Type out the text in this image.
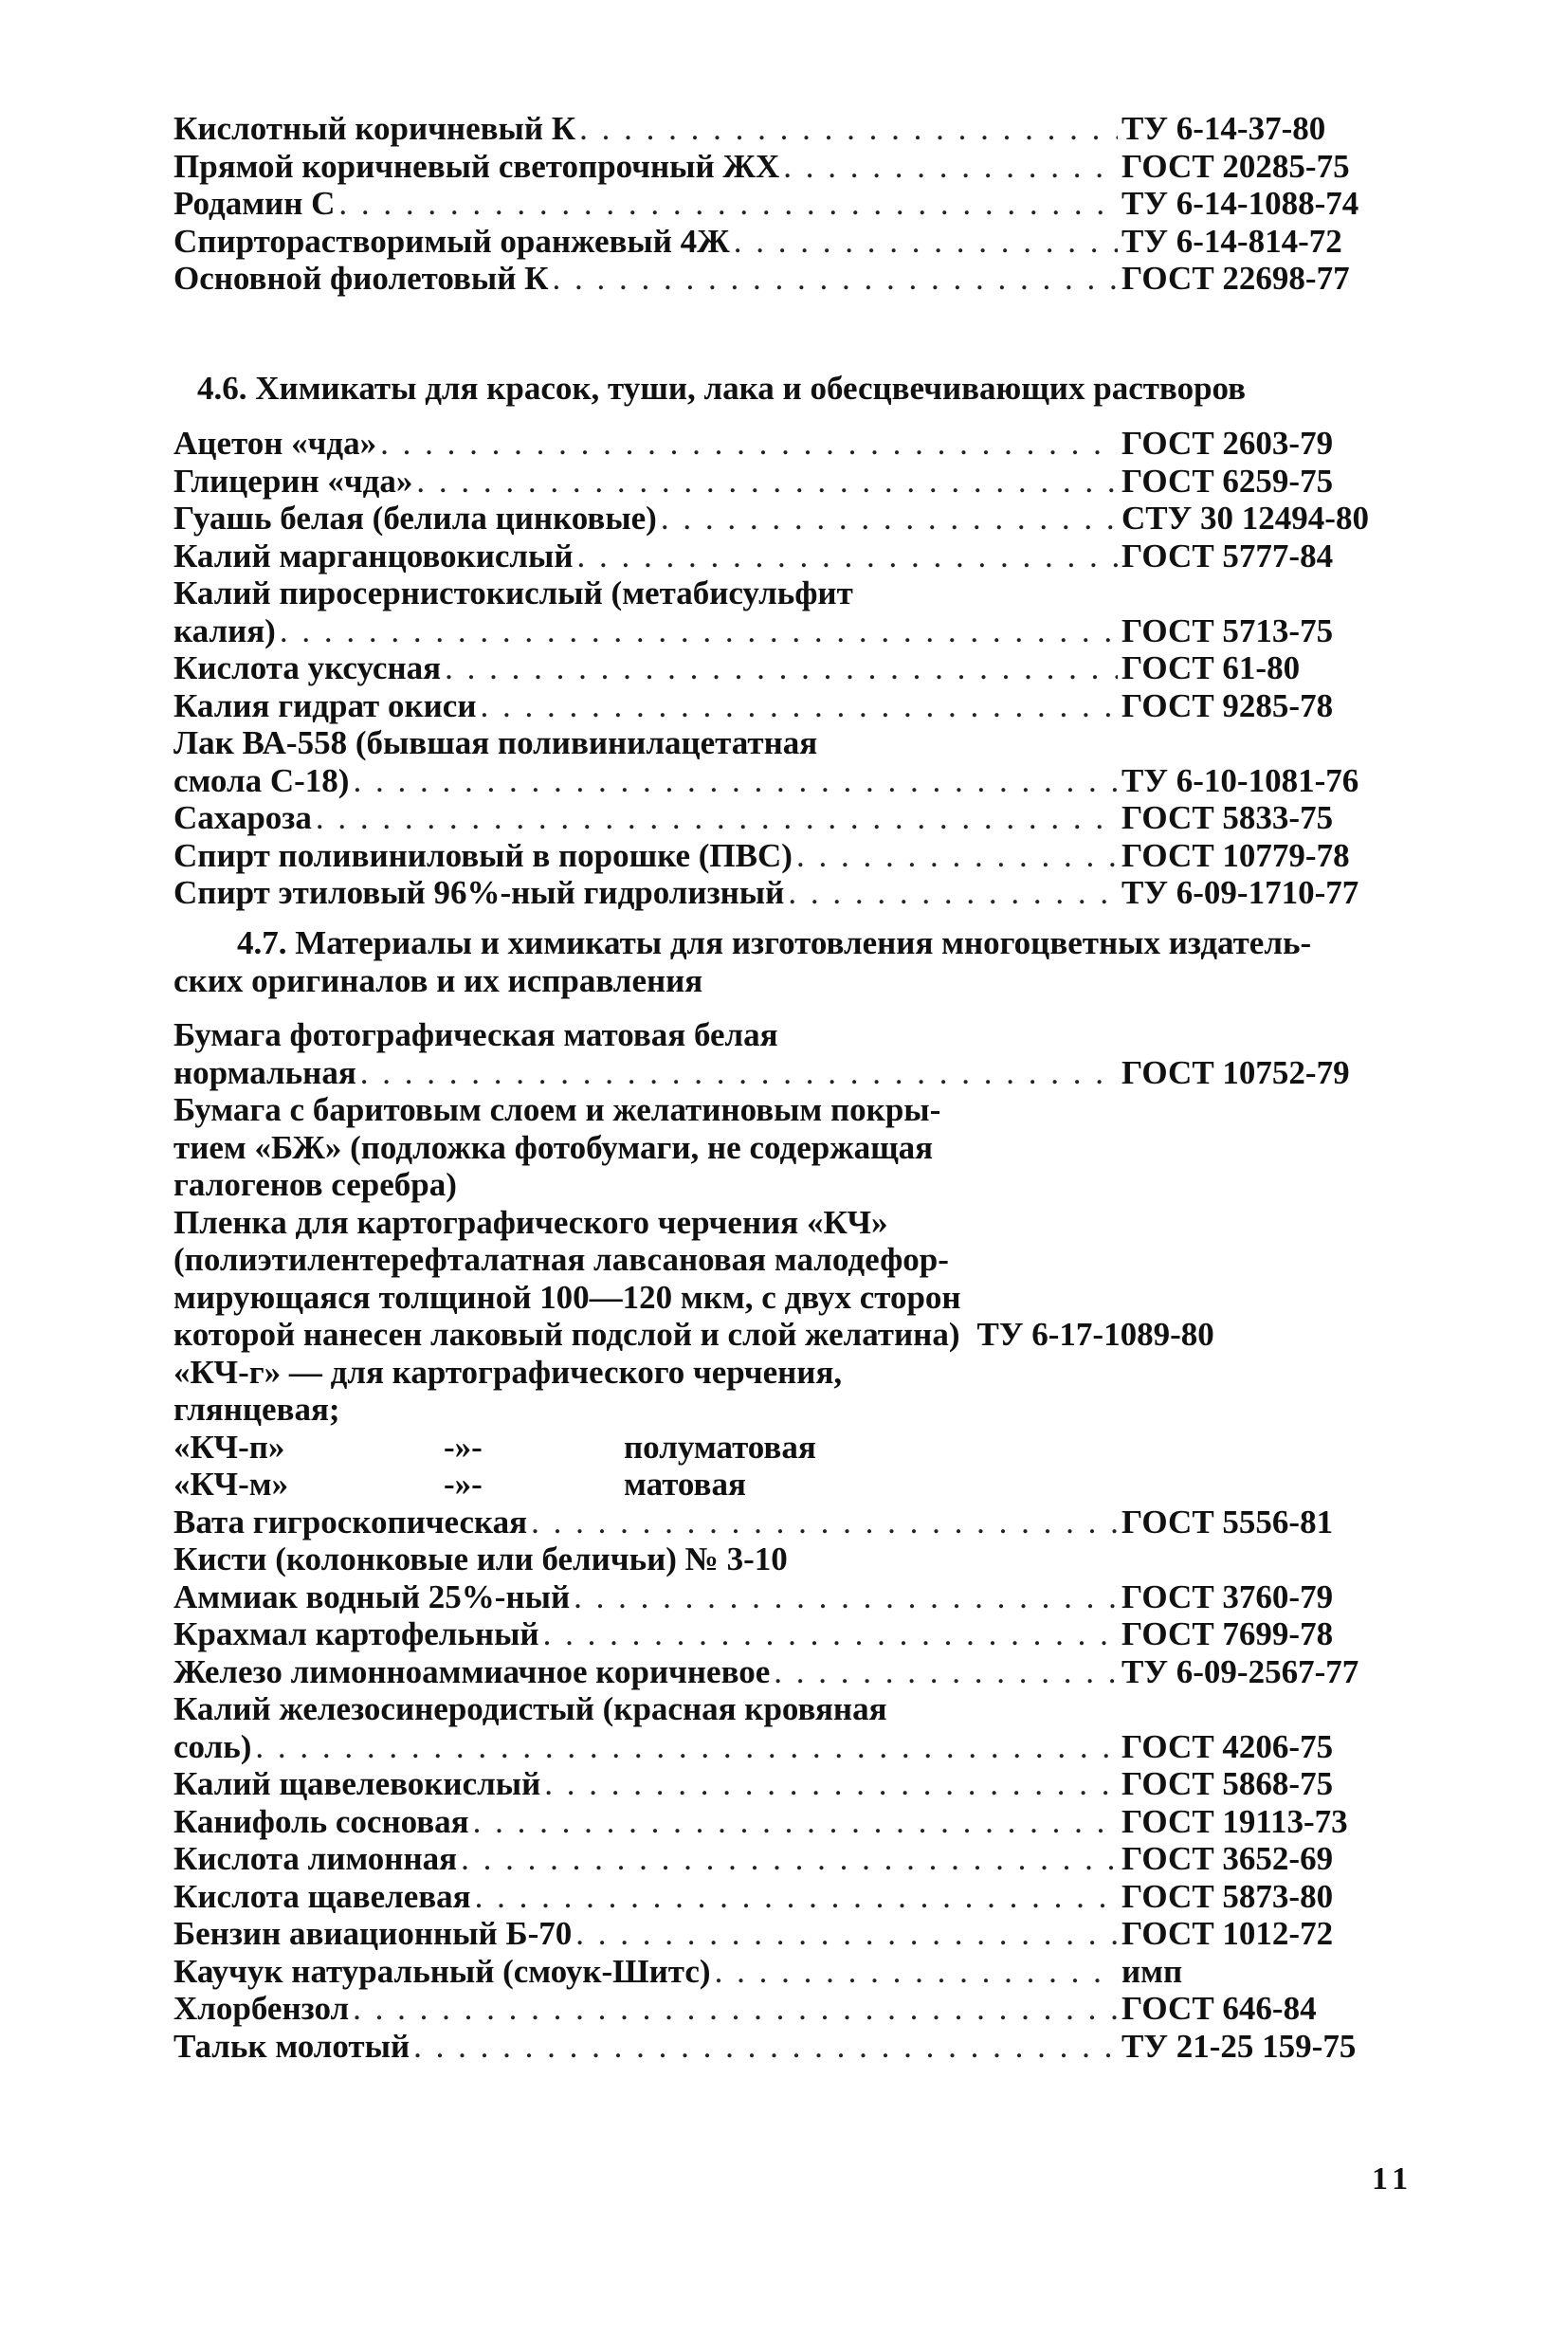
Кислотный коричневый К . . .	ТУ 6-14-37-80
Прямой коричневый светопрочный ЖХ . . .	ГОСТ 20285-75
Родамин С . . .	ТУ 6-14-1088-74
Спирторастворимый оранжевый 4Ж . . .	ТУ 6-14-814-72
Основной фиолетовый К . . .	ГОСТ 22698-77
4.6. Химикаты для красок, туши, лака и обесцвечивающих растворов
Ацетон «чда» . . .	ГОСТ 2603-79
Глицерин «чда» . . .	ГОСТ 6259-75
Гуашь белая (белила цинковые) . . .	СТУ 30 12494-80
Калий марганцовокислый . . .	ГОСТ 5777-84
Калий пиросернистокислый (метабисульфит
калия) . . .	ГОСТ 5713-75
Кислота уксусная . . .	ГОСТ 61-80
Калия гидрат окиси . . .	ГОСТ 9285-78
Лак ВА-558 (бывшая поливинилацетатная
смола С-18) . . .	ТУ 6-10-1081-76
Сахароза . . .	ГОСТ 5833-75
Спирт поливиниловый в порошке (ПВС) . . .	ГОСТ 10779-78
Спирт этиловый 96%-ный гидролизный . . .	ТУ 6-09-1710-77
4.7. Материалы и химикаты для изготовления многоцветных издатель-
ских оригиналов и их исправления
Бумага фотографическая матовая белая
нормальная . . .	ГОСТ 10752-79
Бумага с баритовым слоем и желатиновым покры-
тием «БЖ» (подложка фотобумаги, не содержащая
галогенов серебра)
Пленка для картографического черчения «КЧ»
(полиэтилентерефталатная лавсановая малодефор-
мирующаяся толщиной 100—120 мкм, с двух сторон
которой нанесен лаковый подслой и слой желатина) ТУ 6-17-1089-80
«КЧ-г» — для картографического черчения,
глянцевая;
«КЧ-п»	-»-	полуматовая
«КЧ-м»	-»-	матовая
Вата гигроскопическая . . .	ГОСТ 5556-81
Кисти (колонковые или беличьи) № 3-10
Аммиак водный 25%-ный . . .	ГОСТ 3760-79
Крахмал картофельный . . .	ГОСТ 7699-78
Железо лимонноаммиачное коричневое . . .	ТУ 6-09-2567-77
Калий железосинеродистый (красная кровяная
соль) . . .	ГОСТ 4206-75
Калий щавелевокислый . . .	ГОСТ 5868-75
Канифоль сосновая . . .	ГОСТ 19113-73
Кислота лимонная . . .	ГОСТ 3652-69
Кислота щавелевая . . .	ГОСТ 5873-80
Бензин авиационный Б-70 . . .	ГОСТ 1012-72
Каучук натуральный (смоук-Шитс) . . .	имп
Хлорбензол . . .	ГОСТ 646-84
Тальк молотый . . .	ТУ 21-25 159-75
11
